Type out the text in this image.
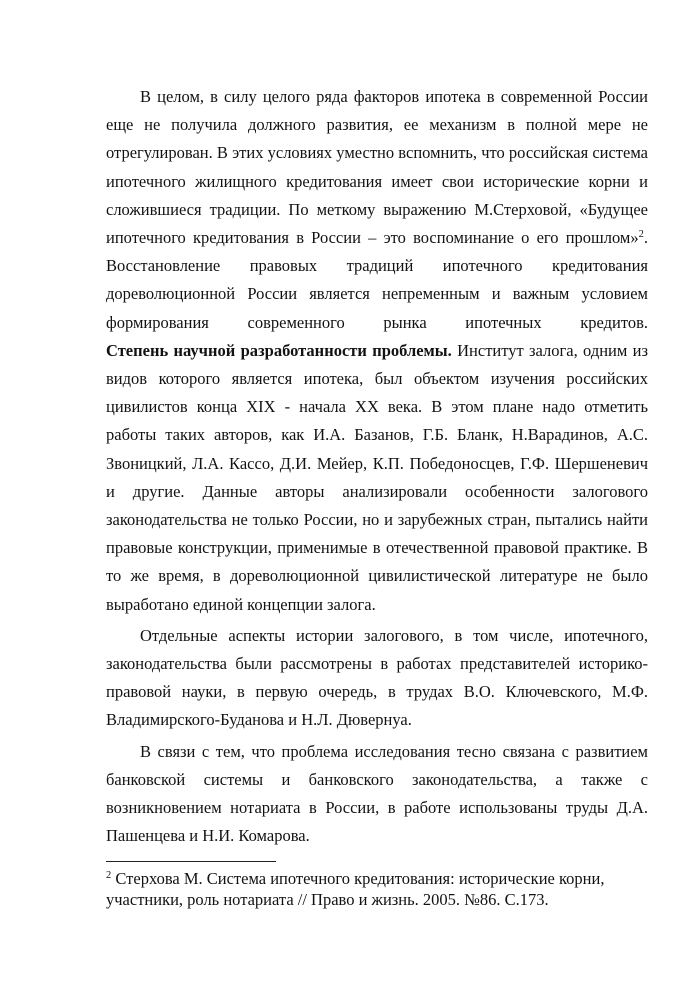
В целом, в силу целого ряда факторов ипотека в современной России
еще не получила должного развития, ее механизм в полной мере не
отрегулирован. В этих условиях уместно вспомнить, что российская система
ипотечного жилищного кредитования имеет свои исторические корни и
сложившиеся традиции. По меткому выражению М.Стерховой, «Будущее
ипотечного кредитования в России – это воспоминание о его прошлом»$^2$.
Восстановление правовых традиций ипотечного кредитования
дореволюционной России является непременным и важным условием
формирования современного рынка ипотечных кредитов.
Степень научной разработанности проблемы. Институт залога, одним из
видов которого является ипотека, был объектом изучения российских
цивилистов конца XIX - начала XX века. В этом плане надо отметить
работы таких авторов, как И.А. Базанов, Г.Б. Бланк, Н.Варадинов, А.С.
Звоницкий, Л.А. Кассо, Д.И. Мейер, К.П. Победоносцев, Г.Ф. Шершеневич
и другие. Данные авторы анализировали особенности залогового
законодательства не только России, но и зарубежных стран, пытались найти
правовые конструкции, применимые в отечественной правовой практике. В
то же время, в дореволюционной цивилистической литературе не было
выработано единой концепции залога.
Отдельные аспекты истории залогового, в том числе, ипотечного,
законодательства были рассмотрены в работах представителей историко-
правовой науки, в первую очередь, в трудах В.О. Ключевского, М.Ф.
Владимирского-Буданова и Н.Л. Дювернуа.
В связи с тем, что проблема исследования тесно связана с развитием
банковской системы и банковского законодательства, а также с
возникновением нотариата в России, в работе использованы труды Д.А.
Пашенцева и Н.И. Комарова.
$^2$ Стерхова М. Система ипотечного кредитования: исторические корни,
участники, роль нотариата // Право и жизнь. 2005. №86. С.173.
